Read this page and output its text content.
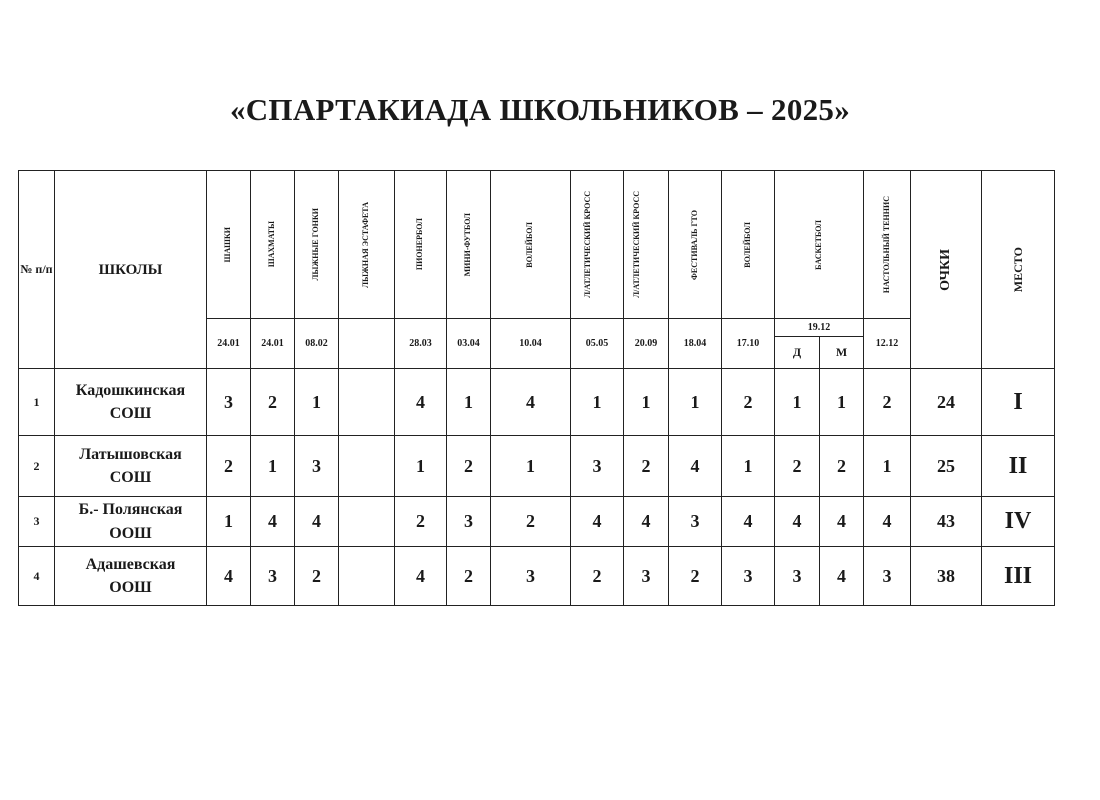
«СПАРТАКИАДА ШКОЛЬНИКОВ – 2025»
№ п/п	ШКОЛЫ	ШАШКИ	ШАХМАТЫ	ЛЫЖНЫЕ ГОНКИ	ЛЫЖНАЯ ЭСТАФЕТА	ПИОНЕРБОЛ	МИНИ-ФУТБОЛ	ВОЛЕЙБОЛ	Л/АТЛЕТИЧЕСКИЙ КРОСС	Л/АТЛЕТИЧЕСКИЙ КРОСС	ФЕСТИВАЛЬ ГТО	ВОЛЕЙБОЛ	БАСКЕТБОЛ		НАСТОЛЬНЫЙ ТЕННИС	ОЧКИ	МЕСТО

		24.01	24.01	08.02		28.03	03.04	10.04	05.05	20.09	18.04	17.10	19.12		12.12		
													Д	М			
1	Кадошкинская
СОШ	3	2	1		4	1	4	1	1	1	2	1	1	2	24	I
2	Латышовская
СОШ	2	1	3		1	2	1	3	2	4	1	2	2	1	25	II
3	Б.- Полянская
ООШ	1	4	4		2	3	2	4	4	3	4	4	4	4	43	IV
4	Адашевская
ООШ	4	3	2		4	2	3	2	3	2	3	3	4	3	38	III
